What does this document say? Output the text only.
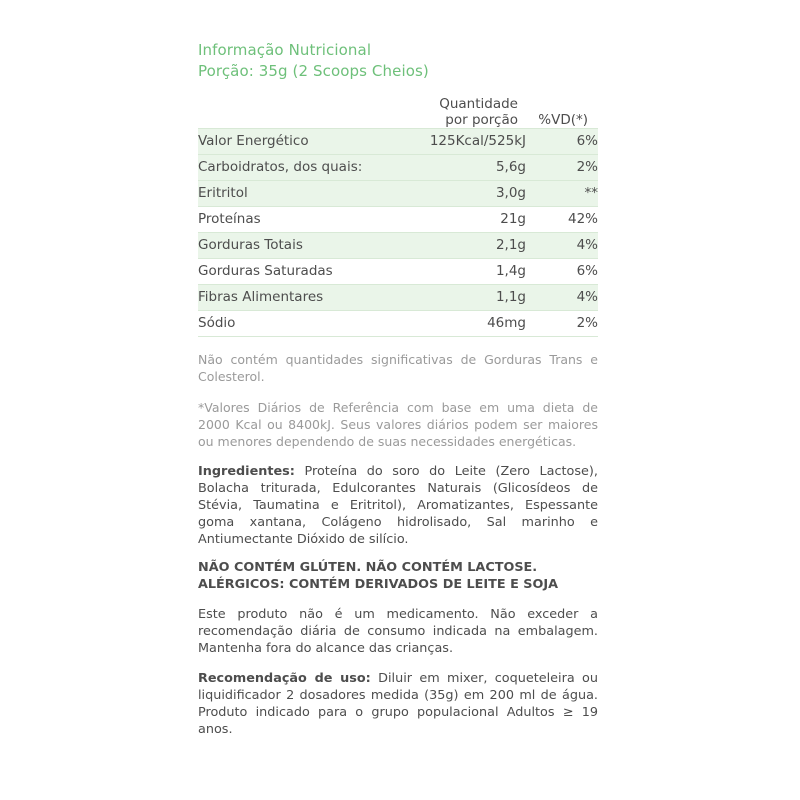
Informação Nutricional
Porção: 35g (2 Scoops Cheios)
	Quantidade por porção	%VD(*)
Valor Energético	125Kcal/525kJ	6%
Carboidratos, dos quais:	5,6g	2%
Eritritol	3,0g	**
Proteínas	21g	42%
Gorduras Totais	2,1g	4%
Gorduras Saturadas	1,4g	6%
Fibras Alimentares	1,1g	4%
Sódio	46mg	2%
Não contém quantidades significativas de Gorduras Trans e Colesterol.
*Valores Diários de Referência com base em uma dieta de 2000 Kcal ou 8400kJ. Seus valores diários podem ser maiores ou menores dependendo de suas necessidades energéticas.
Ingredientes: Proteína do soro do Leite (Zero Lactose), Bolacha triturada, Edulcorantes Naturais (Glicosídeos de Stévia, Taumatina e Eritritol), Aromatizantes, Espessante goma xantana, Colágeno hidrolisado, Sal marinho e Antiumectante Dióxido de silício.
NÃO CONTÉM GLÚTEN. NÃO CONTÉM LACTOSE.
ALÉRGICOS: CONTÉM DERIVADOS DE LEITE E SOJA
Este produto não é um medicamento. Não exceder a recomendação diária de consumo indicada na embalagem. Mantenha fora do alcance das crianças.
Recomendação de uso: Diluir em mixer, coqueteleira ou liquidificador 2 dosadores medida (35g) em 200 ml de água. Produto indicado para o grupo populacional Adultos ≥ 19 anos.
